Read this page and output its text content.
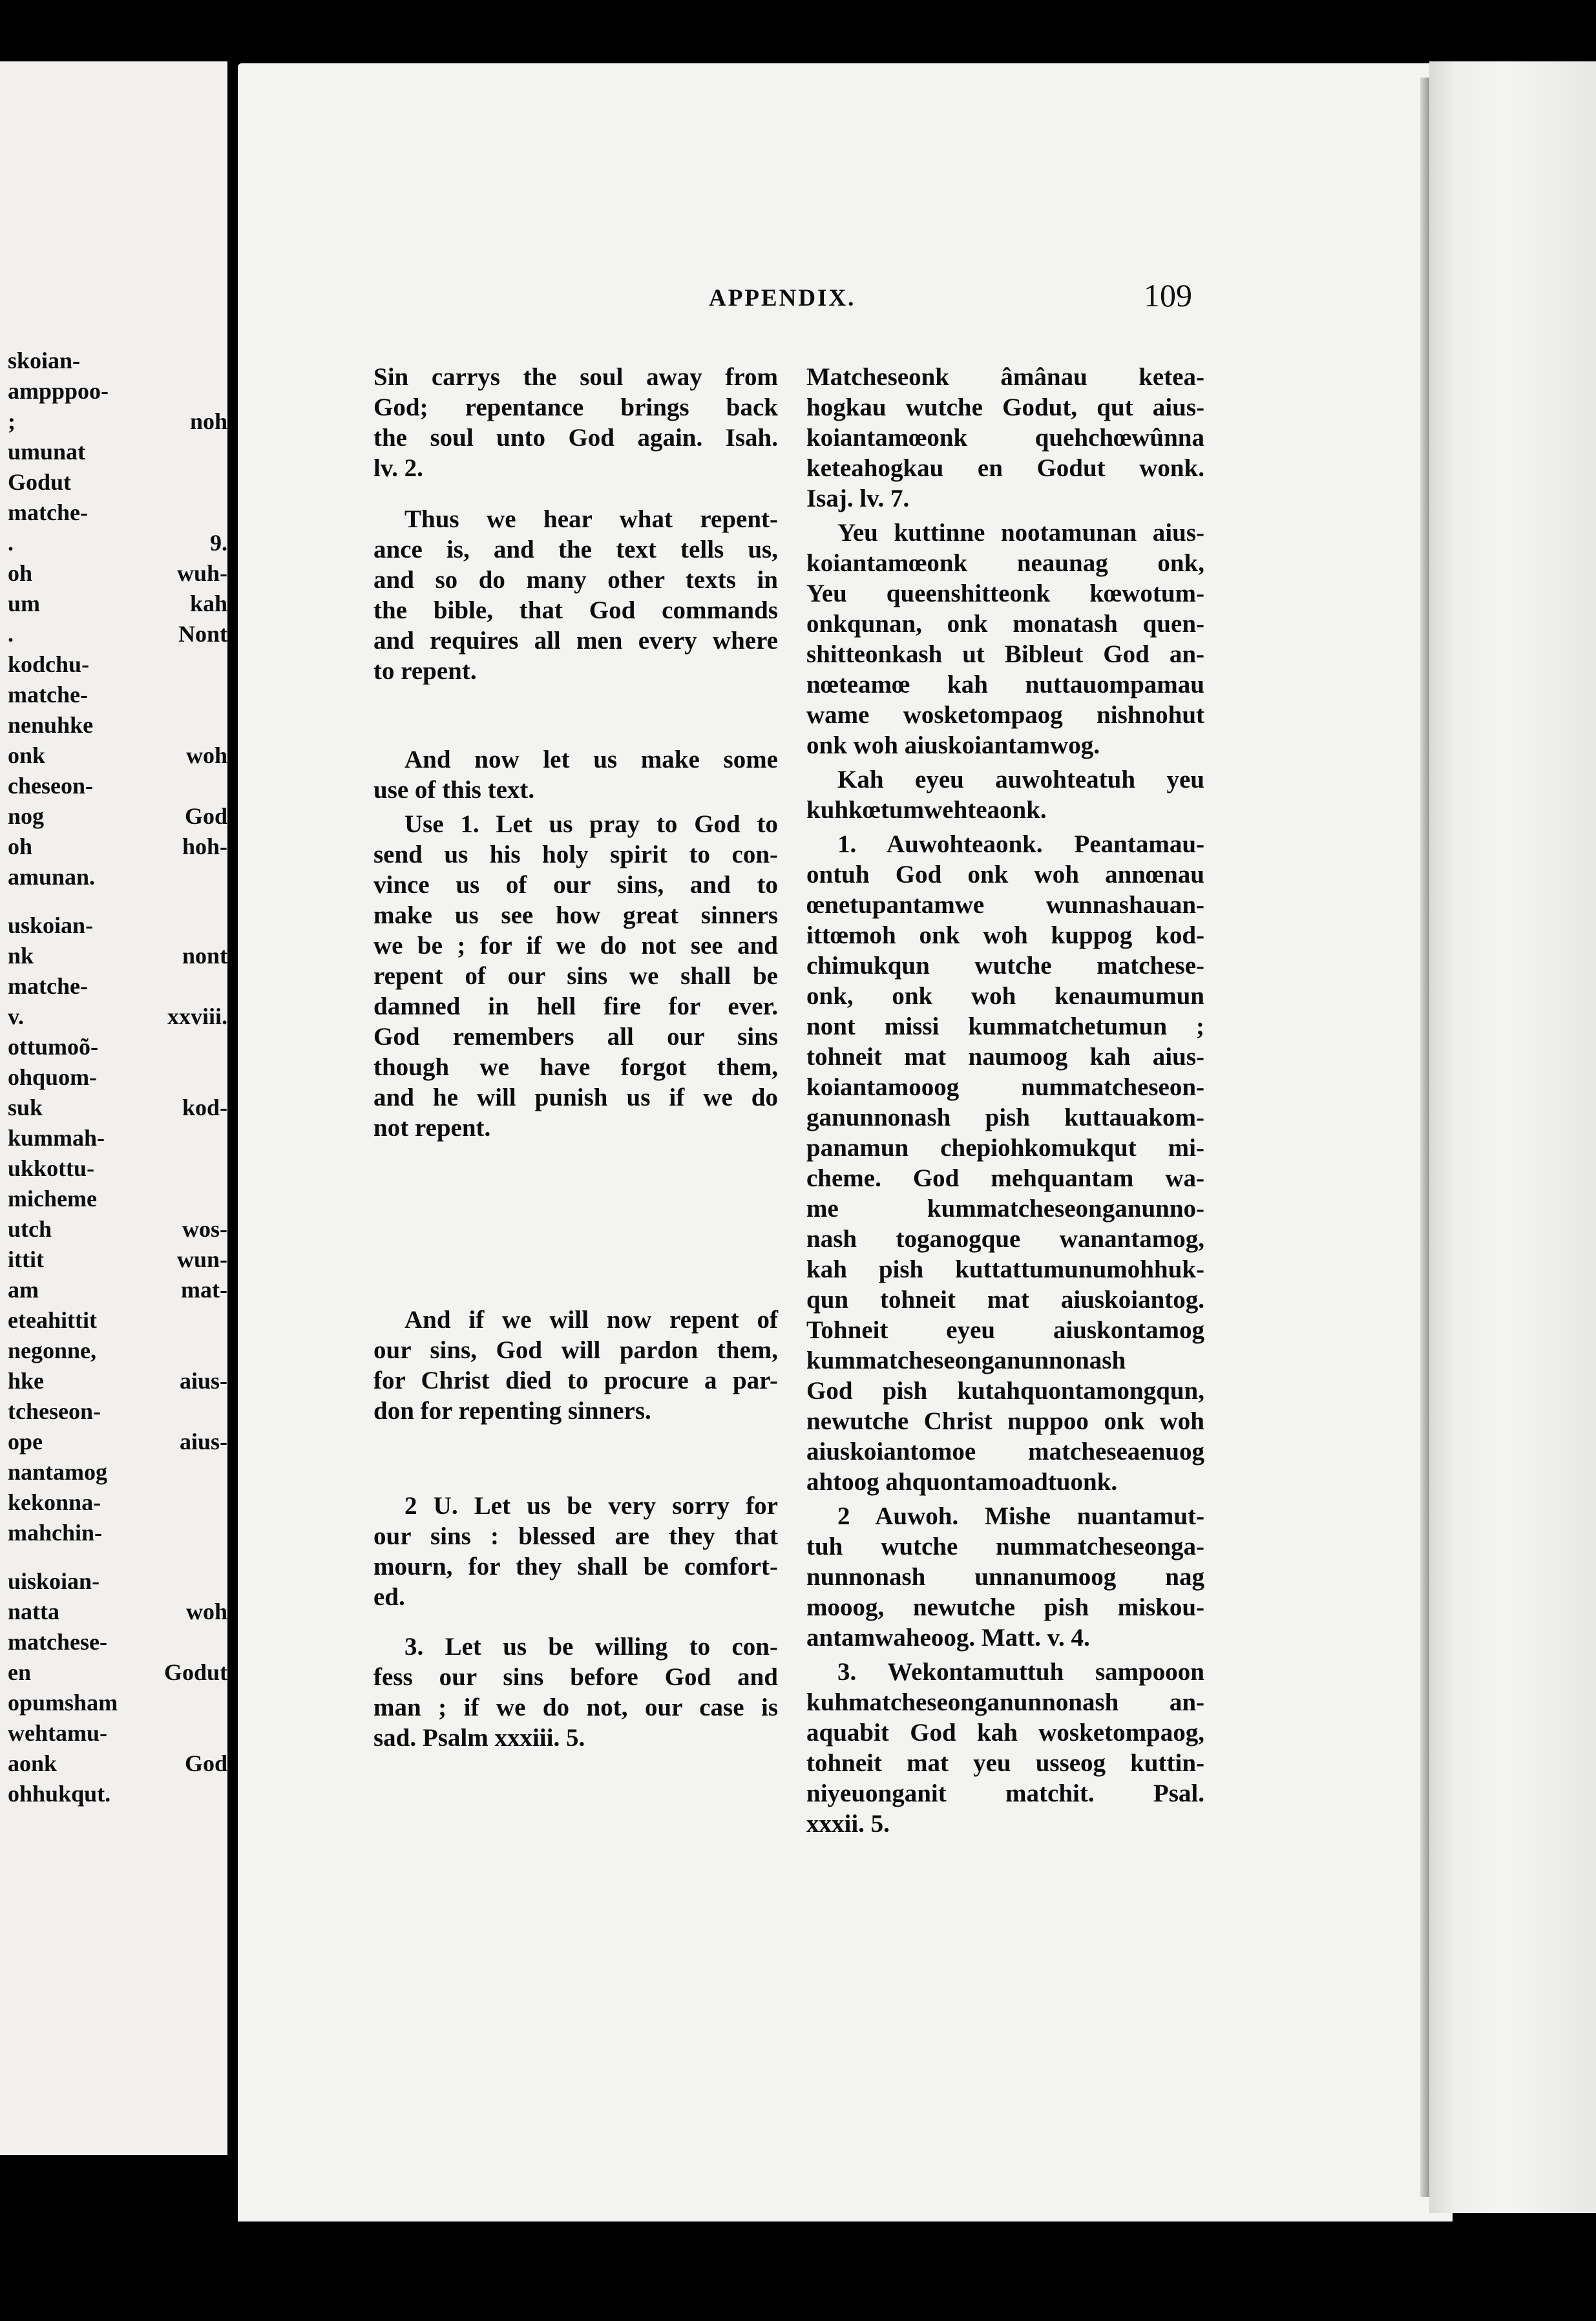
skoian-
ampppoo-
; noh
umunat
Godut
matche-
. 9.
oh wuh-
um kah
. Nont
kodchu-
matche-
nenuhke
onk woh
cheseon-
nog God
oh hoh-
amunan.
uskoian-
nk nont
matche-
v. xxviii.
ottumoõ-
ohquom-
suk kod-
kummah-
ukkottu-
micheme
utch wos-
ittit wun-
am mat-
eteahittit
negonne,
hke aius-
tcheseon-
ope aius-
nantamog
kekonna-
mahchin-
uiskoian-
natta woh
matchese-
en Godut
opumsham
wehtamu-
aonk God
ohhukqut.
APPENDIX.	109
Sin carrys the soul away from
God; repentance brings back
the soul unto God again. Isah.
lv. 2.
Thus we hear what repent-
ance is, and the text tells us,
and so do many other texts in
the bible, that God commands
and requires all men every where
to repent.
And now let us make some
use of this text.
Use 1. Let us pray to God to
send us his holy spirit to con-
vince us of our sins, and to
make us see how great sinners
we be ; for if we do not see and
repent of our sins we shall be
damned in hell fire for ever.
God remembers all our sins
though we have forgot them,
and he will punish us if we do
not repent.
And if we will now repent of
our sins, God will pardon them,
for Christ died to procure a par-
don for repenting sinners.
2 U. Let us be very sorry for
our sins : blessed are they that
mourn, for they shall be comfort-
ed.
3. Let us be willing to con-
fess our sins before God and
man ; if we do not, our case is
sad. Psalm xxxiii. 5.
Matcheseonk âmânau ketea-
hogkau wutche Godut, qut aius-
koiantamœonk quehchœwûnna
keteahogkau en Godut wonk.
Isaj. lv. 7.
Yeu kuttinne nootamunan aius-
koiantamœonk neaunag onk,
Yeu queenshitteonk kœwotum-
onkqunan, onk monatash quen-
shitteonkash ut Bibleut God an-
nœteamœ kah nuttauompamau
wame wosketompaog nishnohut
onk woh aiuskoiantamwog.
Kah eyeu auwohteatuh yeu
kuhkœtumwehteaonk.
1. Auwohteaonk. Peantamau-
ontuh God onk woh annœnau
œnetupantamwe wunnashauan-
ittœmoh onk woh kuppog kod-
chimukqun wutche matchese-
onk, onk woh kenaumumun
nont missi kummatchetumun ;
tohneit mat naumoog kah aius-
koiantamooog nummatcheseon-
ganunnonash pish kuttauakom-
panamun chepiohkomukqut mi-
cheme. God mehquantam wa-
me kummatcheseonganunno-
nash toganogque wanantamog,
kah pish kuttattumunumohhuk-
qun tohneit mat aiuskoiantog.
Tohneit eyeu aiuskontamog
kummatcheseonganunnonash
God pish kutahquontamongqun,
newutche Christ nuppoo onk woh
aiuskoiantomoe matcheseaenuog
ahtoog ahquontamoadtuonk.
2 Auwoh. Mishe nuantamut-
tuh wutche nummatcheseonga-
nunnonash unnanumoog nag
mooog, newutche pish miskou-
antamwaheoog. Matt. v. 4.
3. Wekontamuttuh sampooon
kuhmatcheseonganunnonash an-
aquabit God kah wosketompaog,
tohneit mat yeu usseog kuttin-
niyeuonganit matchit. Psal.
xxxii. 5.
